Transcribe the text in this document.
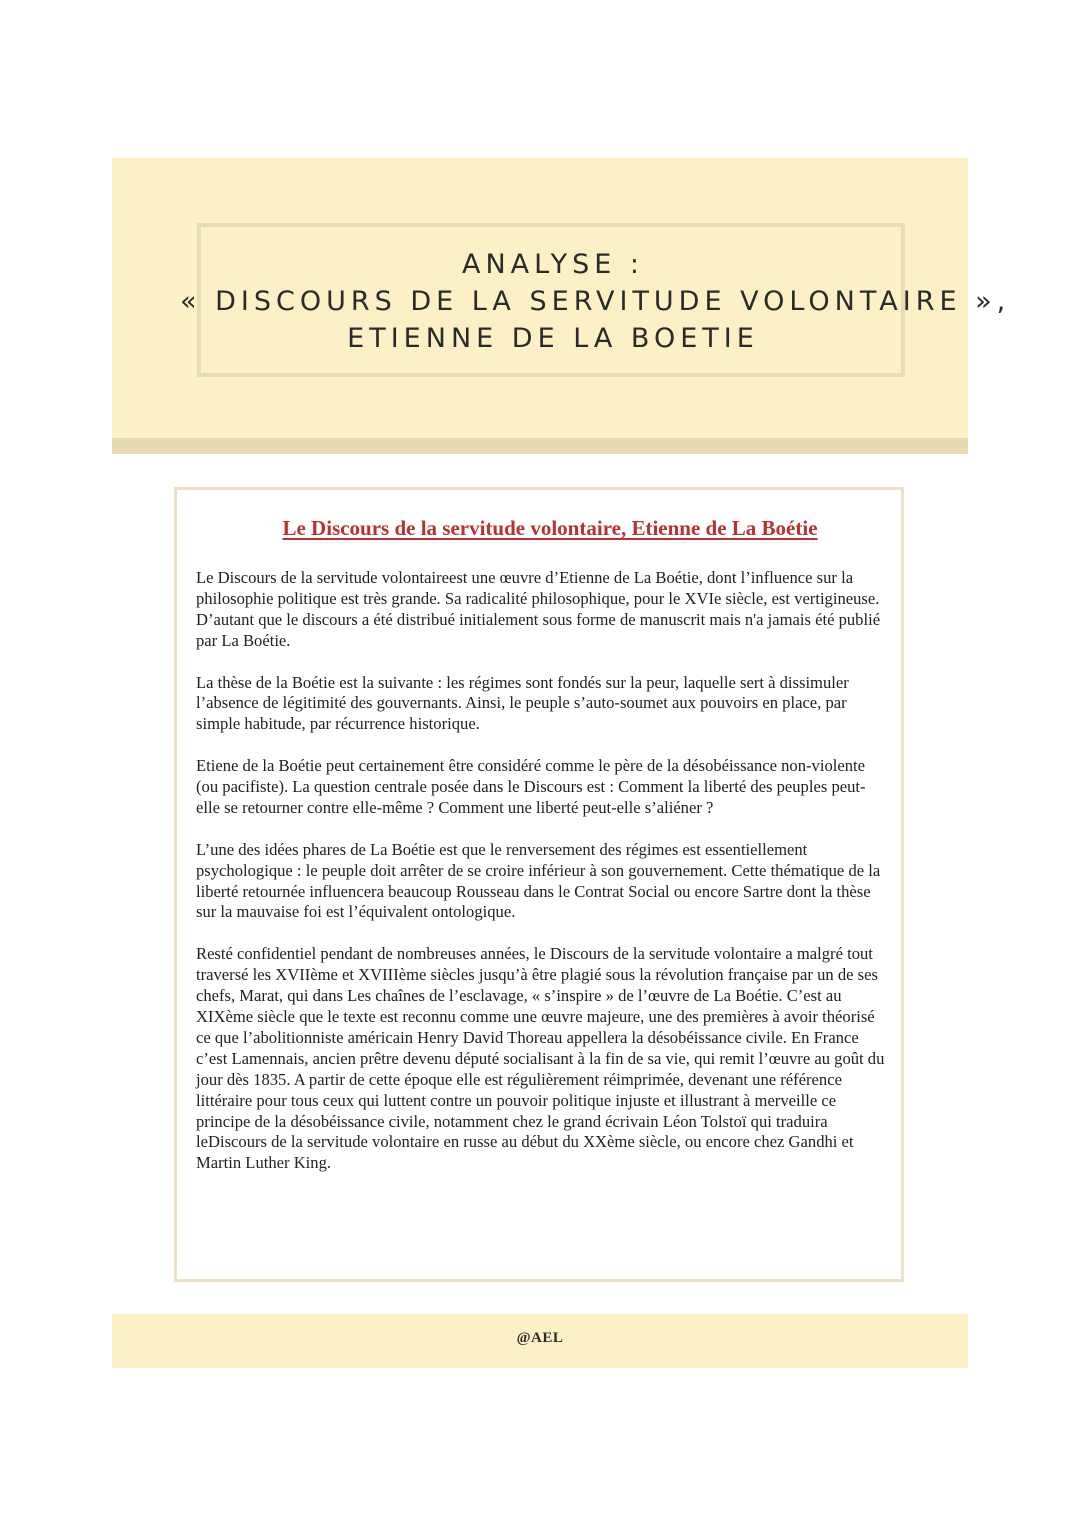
ANALYSE :
« DISCOURS DE LA SERVITUDE VOLONTAIRE »,
ETIENNE DE LA BOETIE
Le Discours de la servitude volontaire, Etienne de La Boétie

Le Discours de la servitude volontaireest une œuvre d’Etienne de La Boétie, dont l’influence sur la philosophie politique est très grande. Sa radicalité philosophique, pour le XVIe siècle, est vertigineuse. D’autant que le discours a été distribué initialement sous forme de manuscrit mais n'a jamais été publié par La Boétie.

La thèse de la Boétie est la suivante : les régimes sont fondés sur la peur, laquelle sert à dissimuler l’absence de légitimité des gouvernants. Ainsi, le peuple s’auto-soumet aux pouvoirs en place, par simple habitude, par récurrence historique.

Etiene de la Boétie peut certainement être considéré comme le père de la désobéissance non-violente (ou pacifiste). La question centrale posée dans le Discours est : Comment la liberté des peuples peut-elle se retourner contre elle-même ? Comment une liberté peut-elle s’aliéner ?

L’une des idées phares de La Boétie est que le renversement des régimes est essentiellement psychologique : le peuple doit arrêter de se croire inférieur à son gouvernement. Cette thématique de la liberté retournée influencera beaucoup Rousseau dans le Contrat Social ou encore Sartre dont la thèse sur la mauvaise foi est l’équivalent ontologique.

Resté confidentiel pendant de nombreuses années, le Discours de la servitude volontaire a malgré tout traversé les XVIIème et XVIIIème siècles jusqu’à être plagié sous la révolution française par un de ses chefs, Marat, qui dans Les chaînes de l’esclavage, « s’inspire » de l’œuvre de La Boétie. C’est au XIXème siècle que le texte est reconnu comme une œuvre majeure, une des premières à avoir théorisé ce que l’abolitionniste américain Henry David Thoreau appellera la désobéissance civile. En France c’est Lamennais, ancien prêtre devenu député socialisant à la fin de sa vie, qui remit l’œuvre au goût du jour dès 1835. A partir de cette époque elle est régulièrement réimprimée, devenant une référence littéraire pour tous ceux qui luttent contre un pouvoir politique injuste et illustrant à merveille ce principe de la désobéissance civile, notamment chez le grand écrivain Léon Tolstoï qui traduira leDiscours de la servitude volontaire en russe au début du XXème siècle, ou encore chez Gandhi et Martin Luther King.

@AEL
